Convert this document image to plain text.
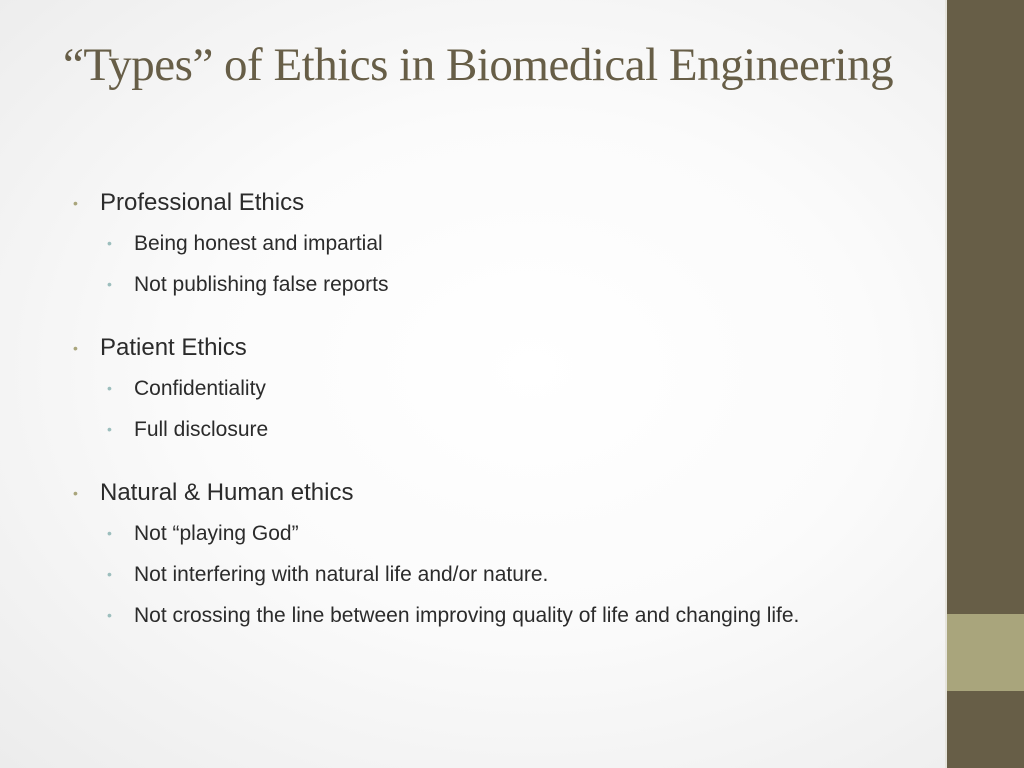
“Types” of Ethics in Biomedical Engineering
• Professional Ethics
• Being honest and impartial
• Not publishing false reports
• Patient Ethics
• Confidentiality
• Full disclosure
• Natural & Human ethics
• Not “playing God”
• Not interfering with natural life and/or nature.
• Not crossing the line between improving quality of life and changing life.
